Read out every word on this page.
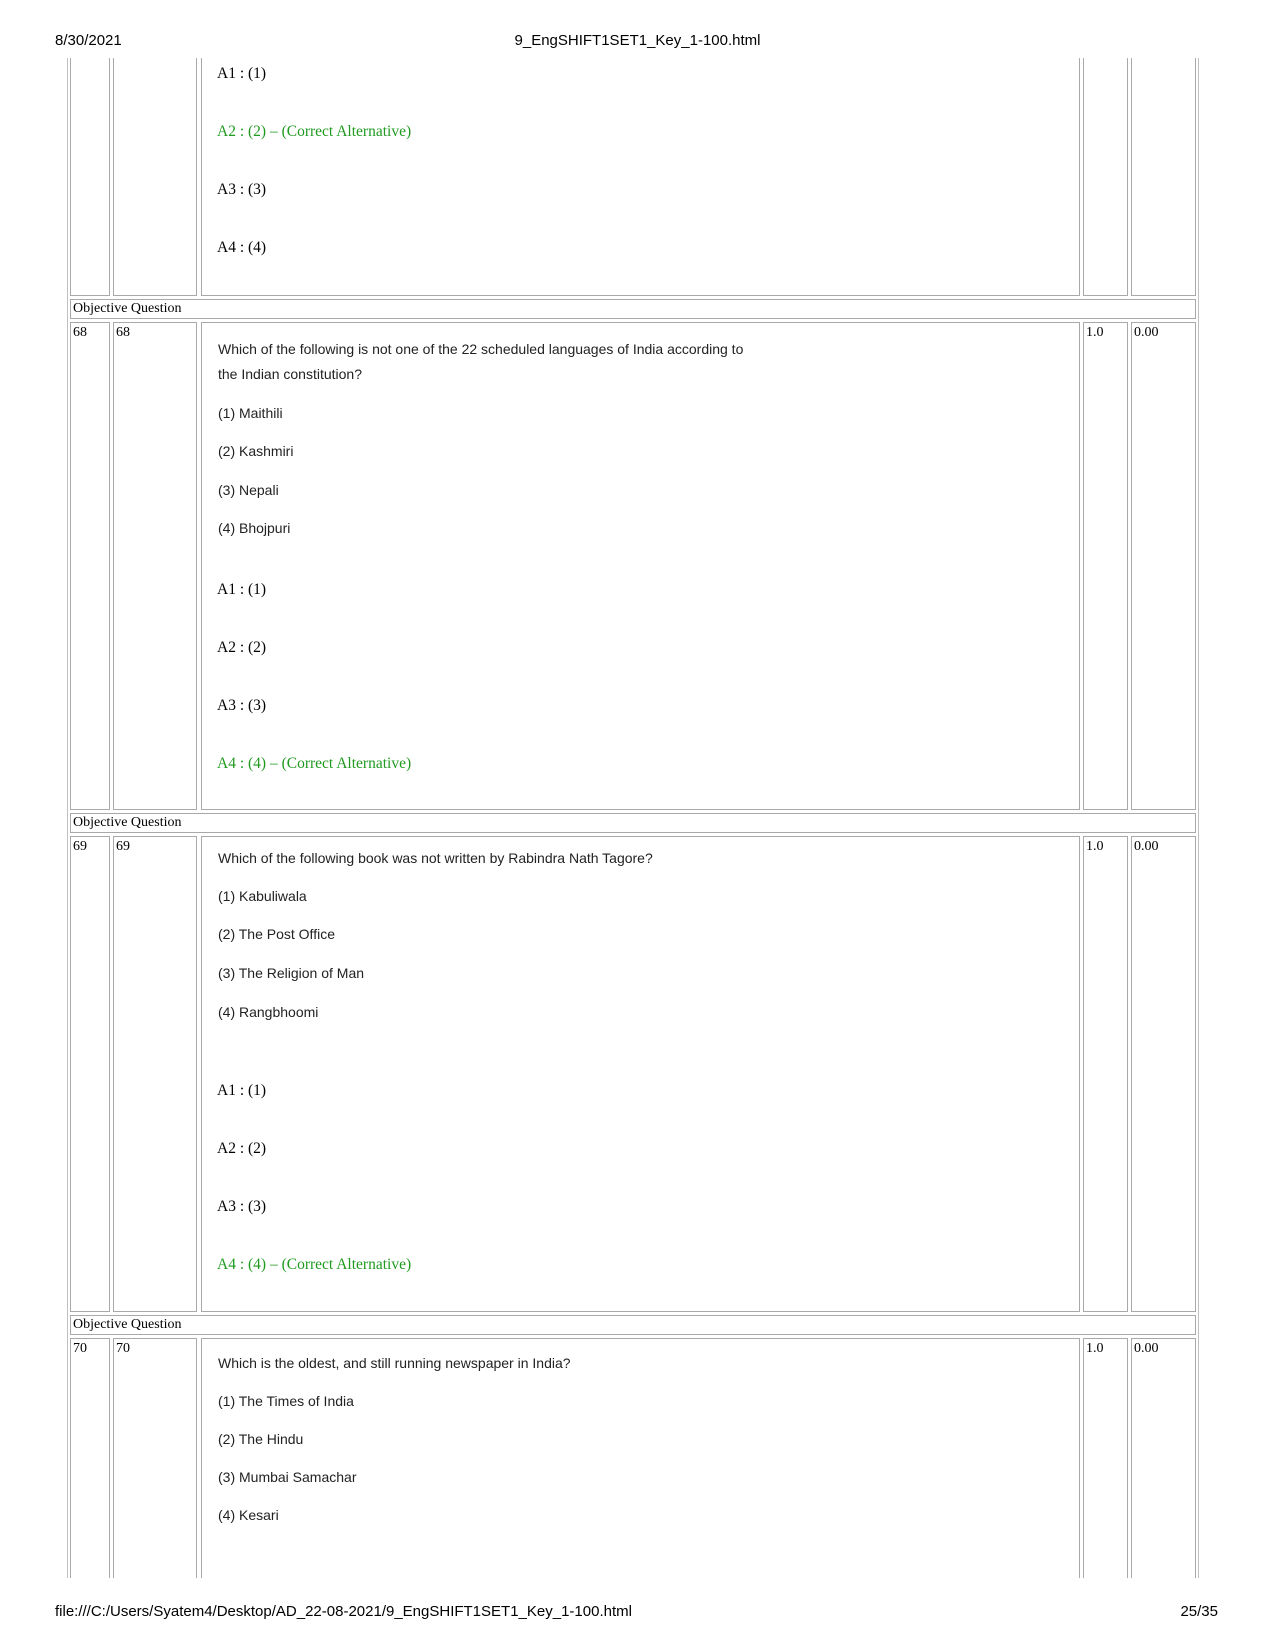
8/30/2021	9_EngSHIFT1SET1_Key_1-100.html
file:///C:/Users/Syatem4/Desktop/AD_22-08-2021/9_EngSHIFT1SET1_Key_1-100.html	25/35
A1 : (1)
A2 : (2) – (Correct Alternative)
A3 : (3)
A4 : (4)
Objective Question
68	68	1.0	0.00
Which of the following is not one of the 22 scheduled languages of India according to
the Indian constitution?
(1) Maithili
(2) Kashmiri
(3) Nepali
(4) Bhojpuri
A1 : (1)
A2 : (2)
A3 : (3)
A4 : (4) – (Correct Alternative)
Objective Question
69	69	1.0	0.00
Which of the following book was not written by Rabindra Nath Tagore?
(1) Kabuliwala
(2) The Post Office
(3) The Religion of Man
(4) Rangbhoomi
A1 : (1)
A2 : (2)
A3 : (3)
A4 : (4) – (Correct Alternative)
Objective Question
70	70	1.0	0.00
Which is the oldest, and still running newspaper in India?
(1) The Times of India
(2) The Hindu
(3) Mumbai Samachar
(4) Kesari
